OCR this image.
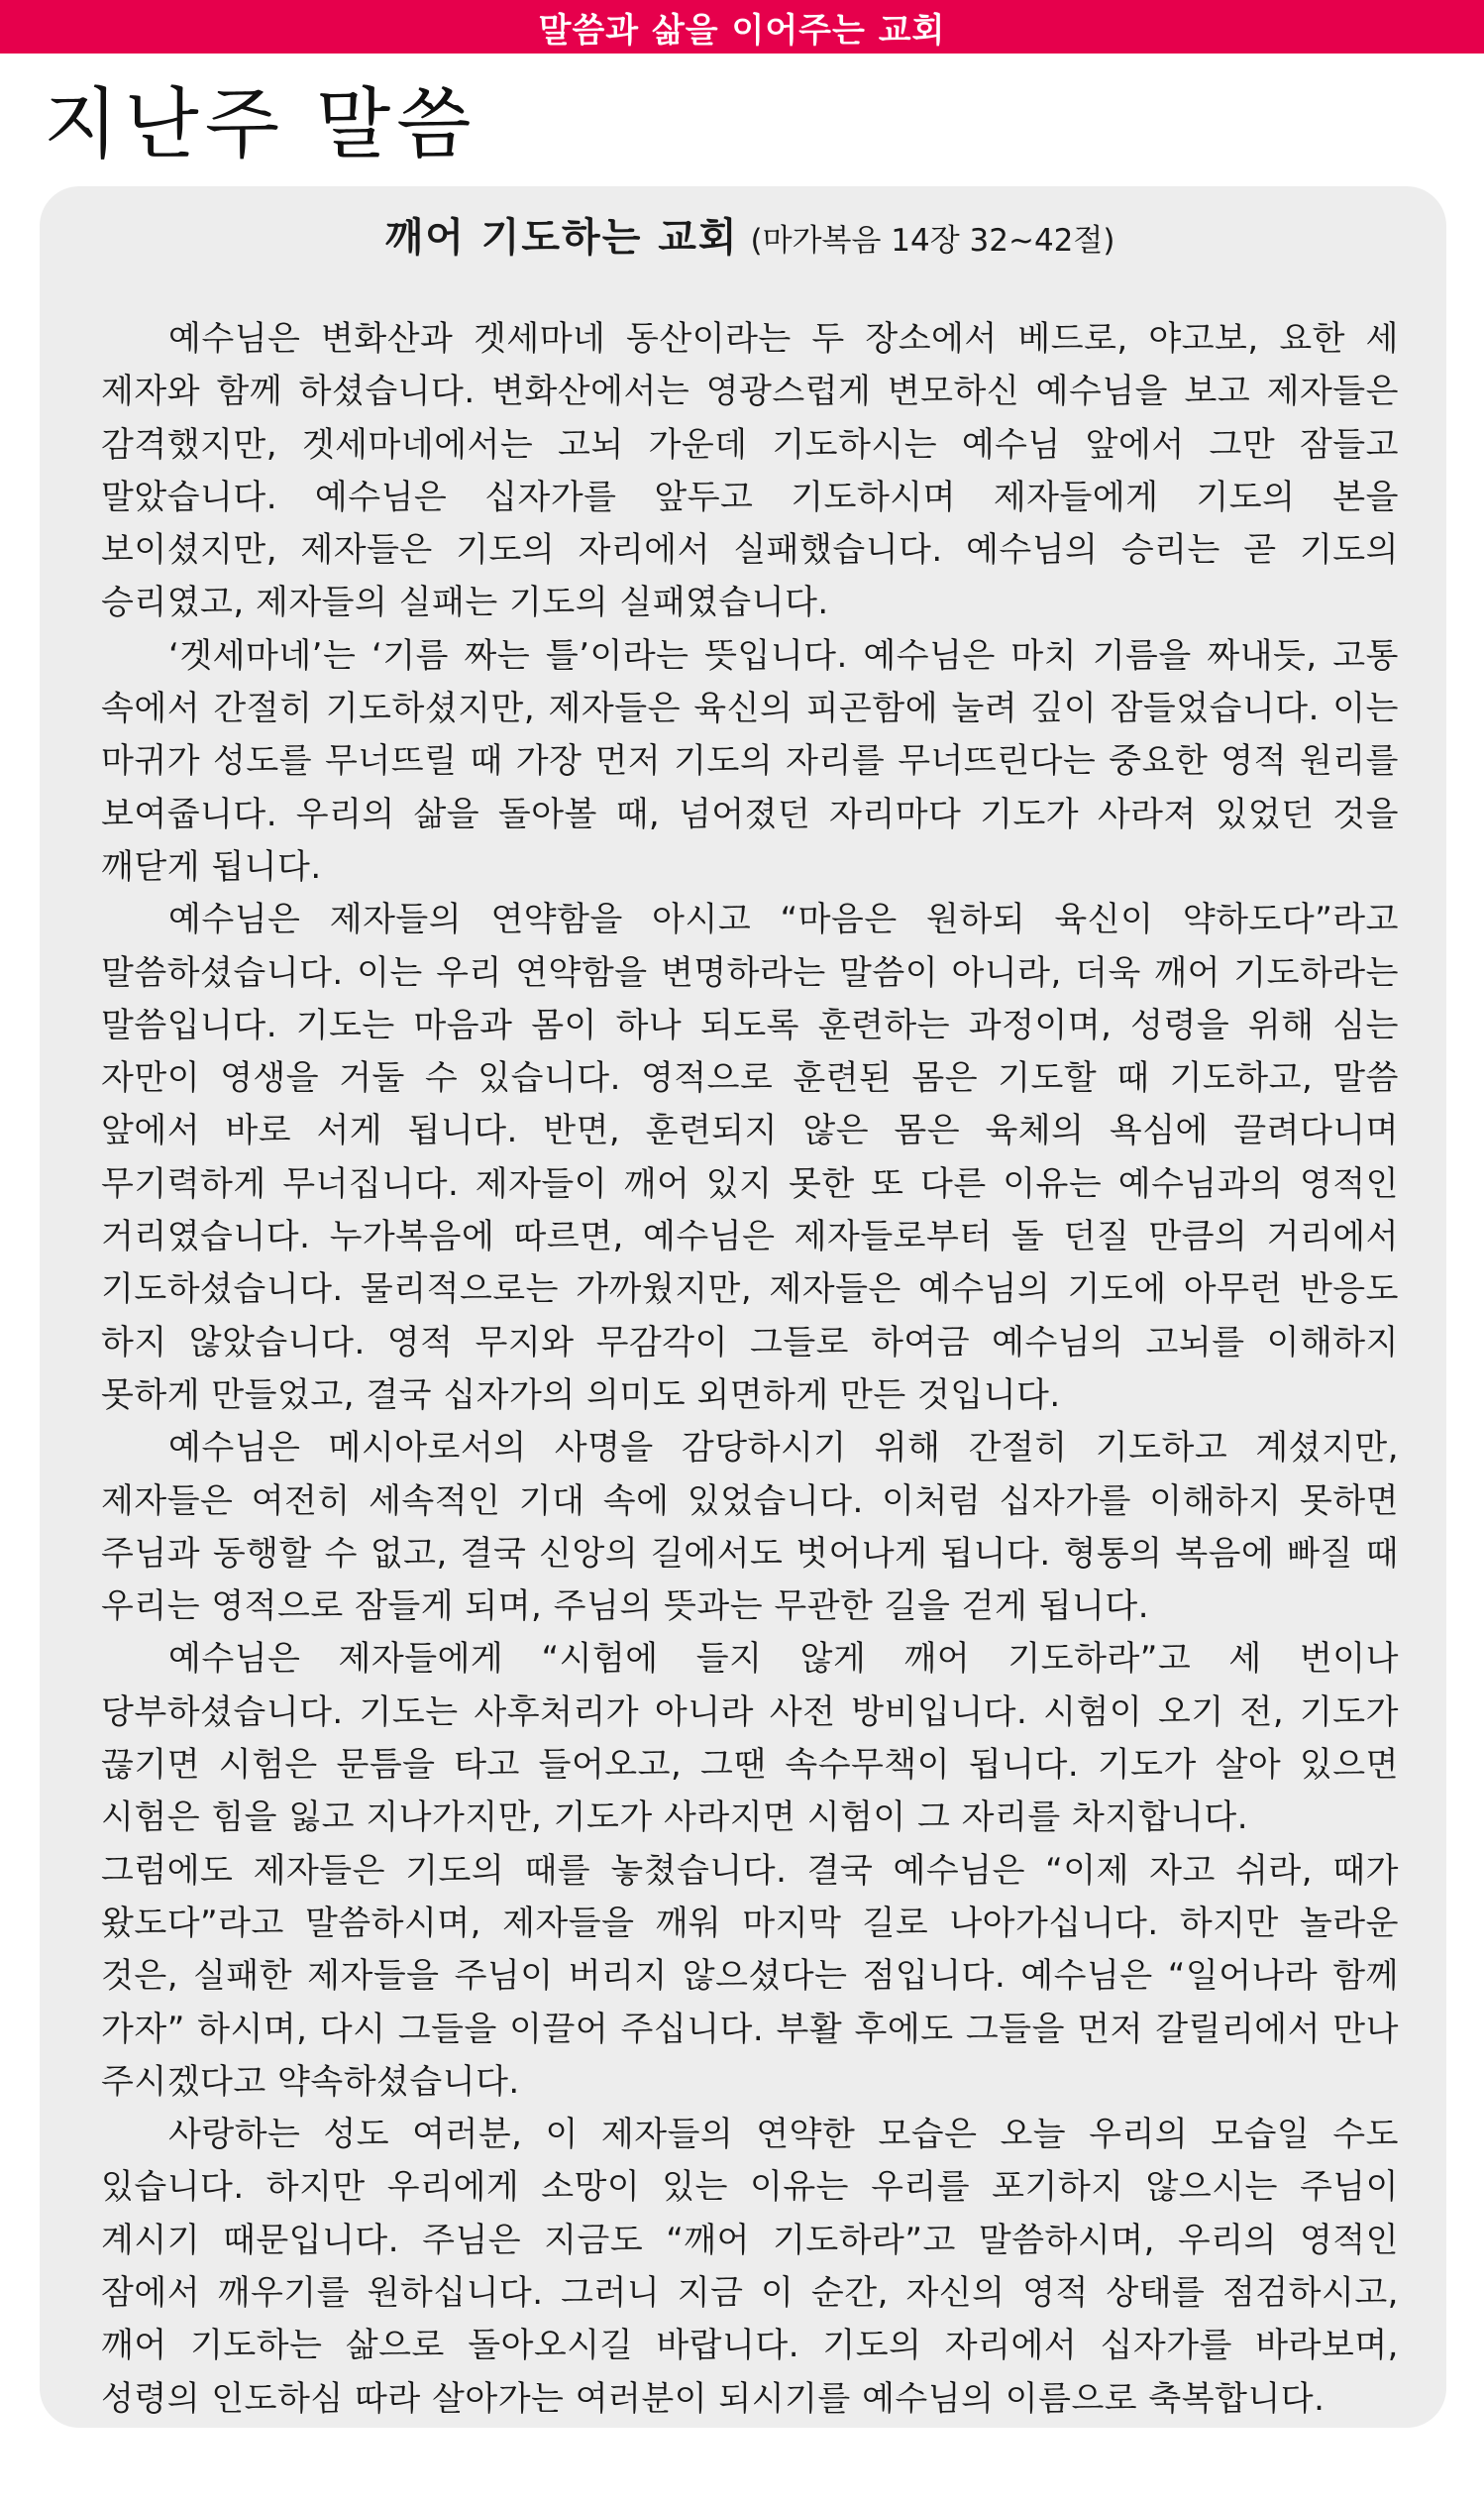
말씀과 삶을 이어주는 교회
지난주 말씀
깨어 기도하는 교회 (마가복음 14장 32~42절)

예수님은 변화산과 겟세마네 동산이라는 두 장소에서 베드로, 야고보, 요한 세 제자와 함께 하셨습니다. 변화산에서는 영광스럽게 변모하신 예수님을 보고 제자들은 감격했지만, 겟세마네에서는 고뇌 가운데 기도하시는 예수님 앞에서 그만 잠들고 말았습니다. 예수님은 십자가를 앞두고 기도하시며 제자들에게 기도의 본을 보이셨지만, 제자들은 기도의 자리에서 실패했습니다. 예수님의 승리는 곧 기도의 승리였고, 제자들의 실패는 기도의 실패였습니다.

‘겟세마네’는 ‘기름 짜는 틀’이라는 뜻입니다. 예수님은 마치 기름을 짜내듯, 고통 속에서 간절히 기도하셨지만, 제자들은 육신의 피곤함에 눌려 깊이 잠들었습니다. 이는 마귀가 성도를 무너뜨릴 때 가장 먼저 기도의 자리를 무너뜨린다는 중요한 영적 원리를 보여줍니다. 우리의 삶을 돌아볼 때, 넘어졌던 자리마다 기도가 사라져 있었던 것을 깨닫게 됩니다.

예수님은 제자들의 연약함을 아시고 “마음은 원하되 육신이 약하도다”라고 말씀하셨습니다. 이는 우리 연약함을 변명하라는 말씀이 아니라, 더욱 깨어 기도하라는 말씀입니다. 기도는 마음과 몸이 하나 되도록 훈련하는 과정이며, 성령을 위해 심는 자만이 영생을 거둘 수 있습니다. 영적으로 훈련된 몸은 기도할 때 기도하고, 말씀 앞에서 바로 서게 됩니다. 반면, 훈련되지 않은 몸은 육체의 욕심에 끌려다니며 무기력하게 무너집니다. 제자들이 깨어 있지 못한 또 다른 이유는 예수님과의 영적인 거리였습니다. 누가복음에 따르면, 예수님은 제자들로부터 돌 던질 만큼의 거리에서 기도하셨습니다. 물리적으로는 가까웠지만, 제자들은 예수님의 기도에 아무런 반응도 하지 않았습니다. 영적 무지와 무감각이 그들로 하여금 예수님의 고뇌를 이해하지 못하게 만들었고, 결국 십자가의 의미도 외면하게 만든 것입니다.

예수님은 메시아로서의 사명을 감당하시기 위해 간절히 기도하고 계셨지만, 제자들은 여전히 세속적인 기대 속에 있었습니다. 이처럼 십자가를 이해하지 못하면 주님과 동행할 수 없고, 결국 신앙의 길에서도 벗어나게 됩니다. 형통의 복음에 빠질 때 우리는 영적으로 잠들게 되며, 주님의 뜻과는 무관한 길을 걷게 됩니다.

예수님은 제자들에게 “시험에 들지 않게 깨어 기도하라”고 세 번이나 당부하셨습니다. 기도는 사후처리가 아니라 사전 방비입니다. 시험이 오기 전, 기도가 끊기면 시험은 문틈을 타고 들어오고, 그땐 속수무책이 됩니다. 기도가 살아 있으면 시험은 힘을 잃고 지나가지만, 기도가 사라지면 시험이 그 자리를 차지합니다.

그럼에도 제자들은 기도의 때를 놓쳤습니다. 결국 예수님은 “이제 자고 쉬라, 때가 왔도다”라고 말씀하시며, 제자들을 깨워 마지막 길로 나아가십니다. 하지만 놀라운 것은, 실패한 제자들을 주님이 버리지 않으셨다는 점입니다. 예수님은 “일어나라 함께 가자” 하시며, 다시 그들을 이끌어 주십니다. 부활 후에도 그들을 먼저 갈릴리에서 만나 주시겠다고 약속하셨습니다.

사랑하는 성도 여러분, 이 제자들의 연약한 모습은 오늘 우리의 모습일 수도 있습니다. 하지만 우리에게 소망이 있는 이유는 우리를 포기하지 않으시는 주님이 계시기 때문입니다. 주님은 지금도 “깨어 기도하라”고 말씀하시며, 우리의 영적인 잠에서 깨우기를 원하십니다. 그러니 지금 이 순간, 자신의 영적 상태를 점검하시고, 깨어 기도하는 삶으로 돌아오시길 바랍니다. 기도의 자리에서 십자가를 바라보며, 성령의 인도하심 따라 살아가는 여러분이 되시기를 예수님의 이름으로 축복합니다.
